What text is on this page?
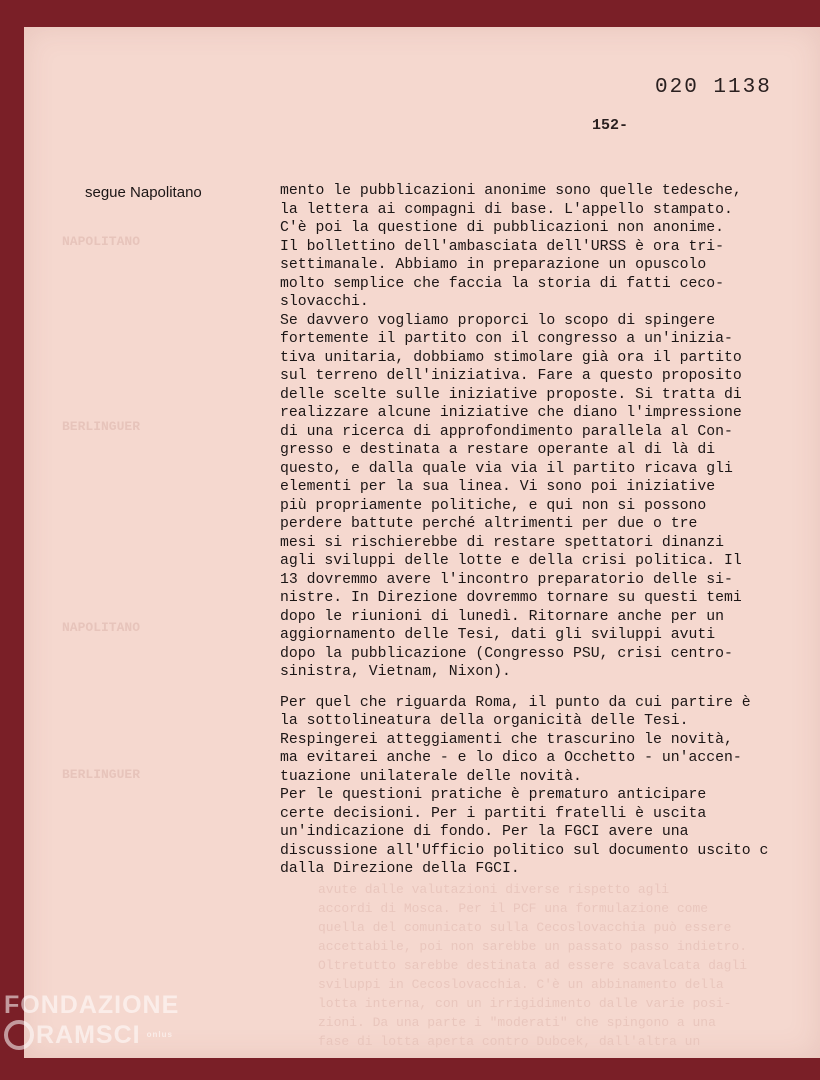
020 1138
152-
segue Napolitano
NAPOLITANO
BERLINGUER
NAPOLITANO
BERLINGUER
avute dalle valutazioni diverse rispetto agli
accordi di Mosca. Per il PCF una formulazione come
quella del comunicato sulla Cecoslovacchia può essere
accettabile, poi non sarebbe un passato passo indietro.
Oltretutto sarebbe destinata ad essere scavalcata dagli
sviluppi in Cecoslovacchia. C'è un abbinamento della
lotta interna, con un irrigidimento dalle varie posi-
zioni. Da una parte i "moderati" che spingono a una
fase di lotta aperta contro Dubcek, dall'altra un
mento le pubblicazioni anonime sono quelle tedesche,
la lettera ai compagni di base. L'appello stampato.
C'è poi la questione di pubblicazioni non anonime.
Il bollettino dell'ambasciata dell'URSS è ora tri-
settimanale. Abbiamo in preparazione un opuscolo
molto semplice che faccia la storia di fatti ceco-
slovacchi.
Se davvero vogliamo proporci lo scopo di spingere
fortemente il partito con il congresso a un'inizia-
tiva unitaria, dobbiamo stimolare già ora il partito
sul terreno dell'iniziativa. Fare a questo proposito
delle scelte sulle iniziative proposte. Si tratta di
realizzare alcune iniziative che diano l'impressione
di una ricerca di approfondimento parallela al Con-
gresso e destinata a restare operante al di là di
questo, e dalla quale via via il partito ricava gli
elementi per la sua linea. Vi sono poi iniziative
più propriamente politiche, e qui non si possono
perdere battute perché altrimenti per due o tre
mesi si rischierebbe di restare spettatori dinanzi
agli sviluppi delle lotte e della crisi politica. Il
13 dovremmo avere l'incontro preparatorio delle si-
nistre. In Direzione dovremmo tornare su questi temi
dopo le riunioni di lunedì. Ritornare anche per un
aggiornamento delle Tesi, dati gli sviluppi avuti
dopo la pubblicazione (Congresso PSU, crisi centro-
sinistra, Vietnam, Nixon).
Per quel che riguarda Roma, il punto da cui partire è
la sottolineatura della organicità delle Tesi.
Respingerei atteggiamenti che trascurino le novità,
ma evitarei anche - e lo dico a Occhetto - un'accen-
tuazione unilaterale delle novità.
Per le questioni pratiche è prematuro anticipare
certe decisioni. Per i partiti fratelli è uscita
un'indicazione di fondo. Per la FGCI avere una
discussione all'Ufficio politico sul documento uscito c
dalla Direzione della FGCI.
FONDAZIONE
RAMSCI onlus
